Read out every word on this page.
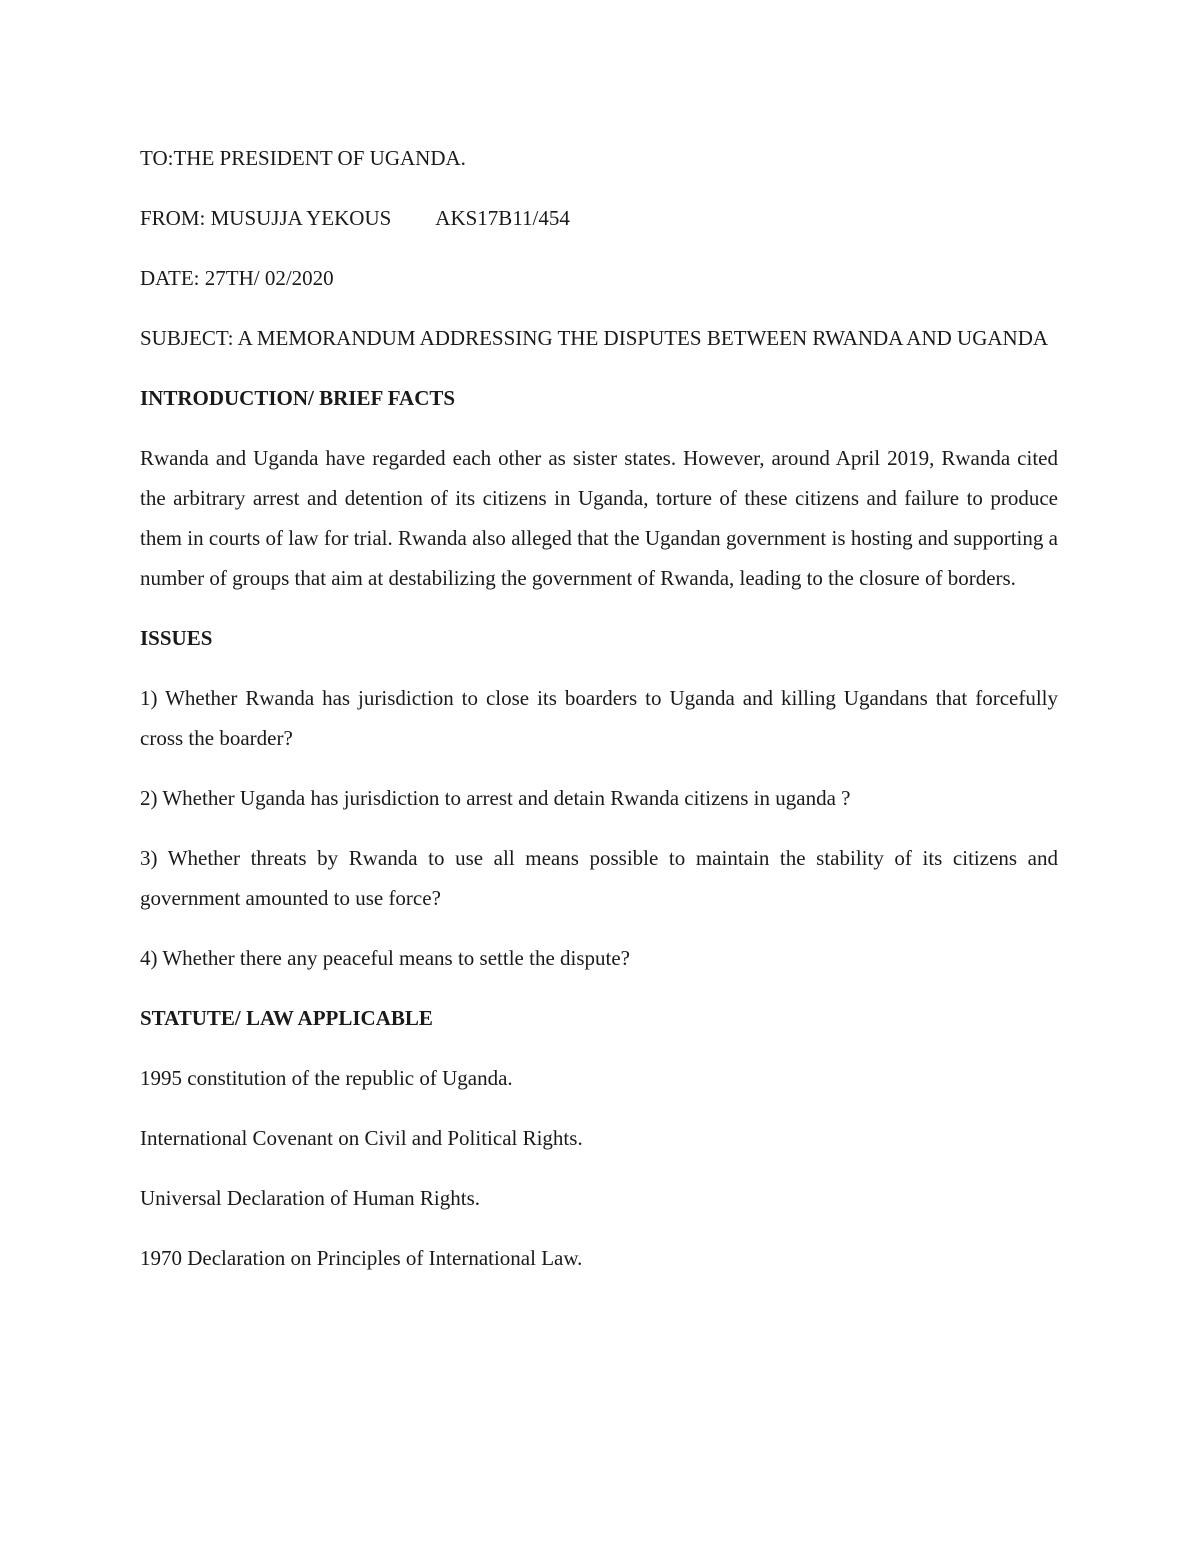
TO:THE PRESIDENT OF UGANDA.

FROM: MUSUJJA YEKOUS AKS17B11/454

DATE: 27TH/ 02/2020

SUBJECT: A MEMORANDUM ADDRESSING THE DISPUTES BETWEEN RWANDA AND UGANDA

INTRODUCTION/ BRIEF FACTS

Rwanda and Uganda have regarded each other as sister states. However, around April 2019, Rwanda cited the arbitrary arrest and detention of its citizens in Uganda, torture of these citizens and failure to produce them in courts of law for trial. Rwanda also alleged that the Ugandan government is hosting and supporting a number of groups that aim at destabilizing the government of Rwanda, leading to the closure of borders.

ISSUES

1) Whether Rwanda has jurisdiction to close its boarders to Uganda and killing Ugandans that forcefully cross the boarder?

2) Whether Uganda has jurisdiction to arrest and detain Rwanda citizens in uganda ?

3) Whether threats by Rwanda to use all means possible to maintain the stability of its citizens and government amounted to use force?

4) Whether there any peaceful means to settle the dispute?

STATUTE/ LAW APPLICABLE

1995 constitution of the republic of Uganda.

International Covenant on Civil and Political Rights.

Universal Declaration of Human Rights.

1970 Declaration on Principles of International Law.
